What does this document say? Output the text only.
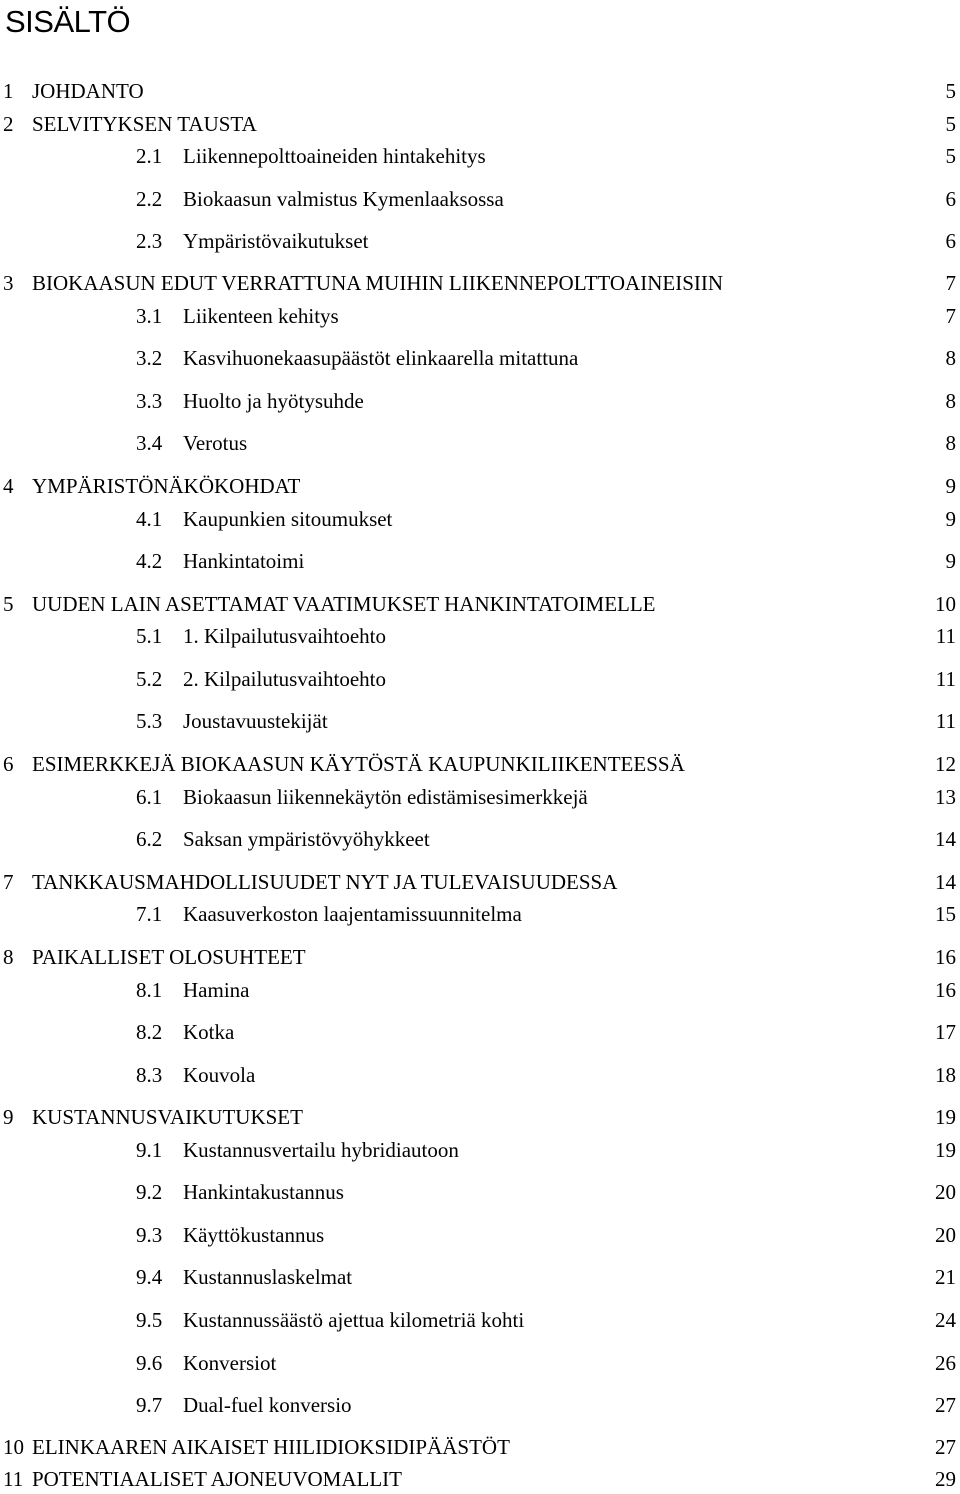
SISÄLTÖ
1 JOHDANTO	5
2 SELVITYKSEN TAUSTA	5
2.1 Liikennepolttoaineiden hintakehitys	5
2.2 Biokaasun valmistus Kymenlaaksossa	6
2.3 Ympäristövaikutukset	6
3 BIOKAASUN EDUT VERRATTUNA MUIHIN LIIKENNEPOLTTOAINEISIIN	7
3.1 Liikenteen kehitys	7
3.2 Kasvihuonekaasupäästöt elinkaarella mitattuna	8
3.3 Huolto ja hyötysuhde	8
3.4 Verotus	8
4 YMPÄRISTÖNÄKÖKOHDAT	9
4.1 Kaupunkien sitoumukset	9
4.2 Hankintatoimi	9
5 UUDEN LAIN ASETTAMAT VAATIMUKSET HANKINTATOIMELLE	10
5.1 1. Kilpailutusvaihtoehto	11
5.2 2. Kilpailutusvaihtoehto	11
5.3 Joustavuustekijät	11
6 ESIMERKKEJÄ BIOKAASUN KÄYTÖSTÄ KAUPUNKILIIKENTEESSÄ	12
6.1 Biokaasun liikennekäytön edistämisesimerkkejä	13
6.2 Saksan ympäristövyöhykkeet	14
7 TANKKAUSMAHDOLLISUUDET NYT JA TULEVAISUUDESSA	14
7.1 Kaasuverkoston laajentamissuunnitelma	15
8 PAIKALLISET OLOSUHTEET	16
8.1 Hamina	16
8.2 Kotka	17
8.3 Kouvola	18
9 KUSTANNUSVAIKUTUKSET	19
9.1 Kustannusvertailu hybridiautoon	19
9.2 Hankintakustannus	20
9.3 Käyttökustannus	20
9.4 Kustannuslaskelmat	21
9.5 Kustannussäästö ajettua kilometriä kohti	24
9.6 Konversiot	26
9.7 Dual-fuel konversio	27
10 ELINKAAREN AIKAISET HIILIDIOKSIDIPÄÄSTÖT	27
11 POTENTIAALISET AJONEUVOMALLIT	29
